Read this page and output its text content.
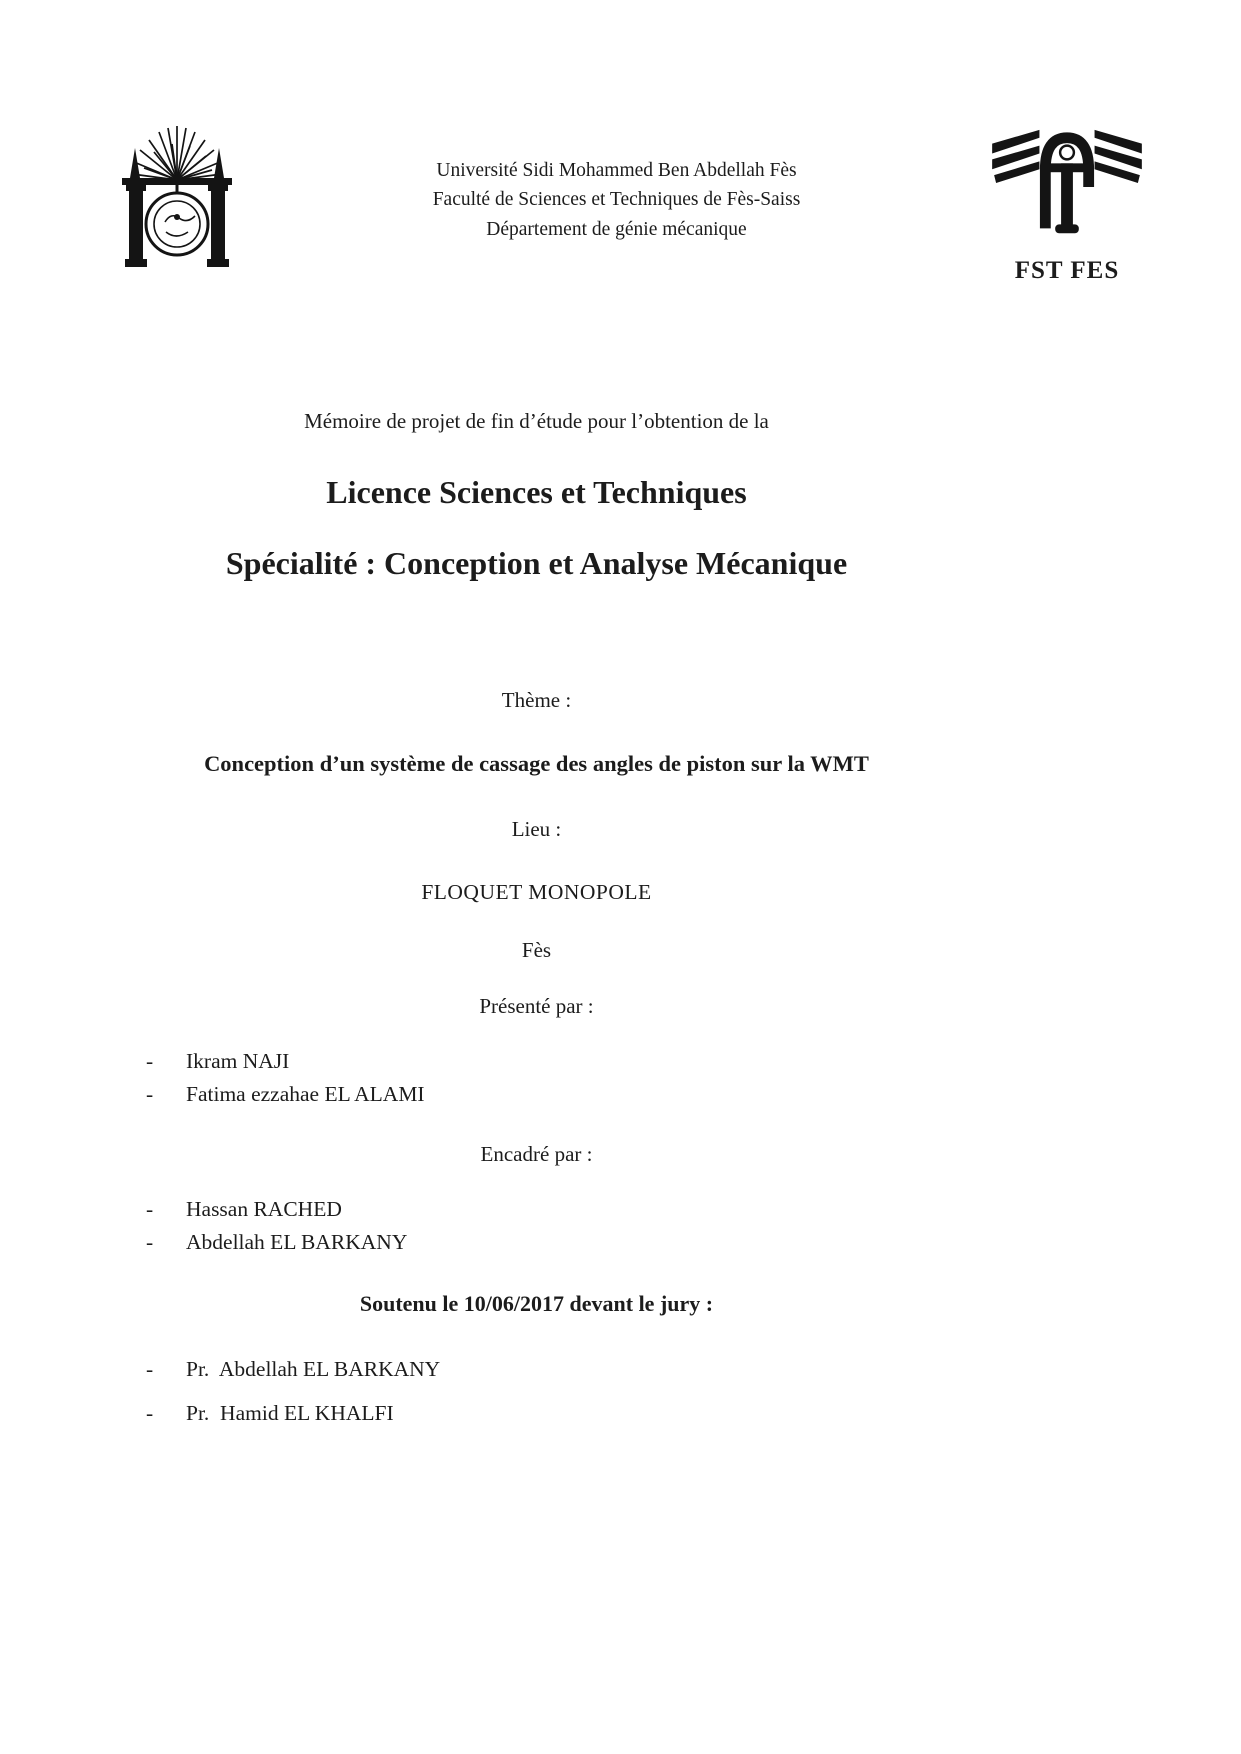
Université Sidi Mohammed Ben Abdellah Fès
Faculté de Sciences et Techniques de Fès-Saiss
Département de génie mécanique
FST FES

Mémoire de projet de fin d’étude pour l’obtention de la

Licence Sciences et Techniques

Spécialité : Conception et Analyse Mécanique

Thème :

Conception d’un système de cassage des angles de piston sur la WMT

Lieu :

FLOQUET MONOPOLE

Fès

Présenté par :

- Ikram NAJI
- Fatima ezzahae EL ALAMI

Encadré par :

- Hassan RACHED
- Abdellah EL BARKANY

Soutenu le 10/06/2017 devant le jury :

- Pr.  Abdellah EL BARKANY
- Pr.  Hamid EL KHALFI
